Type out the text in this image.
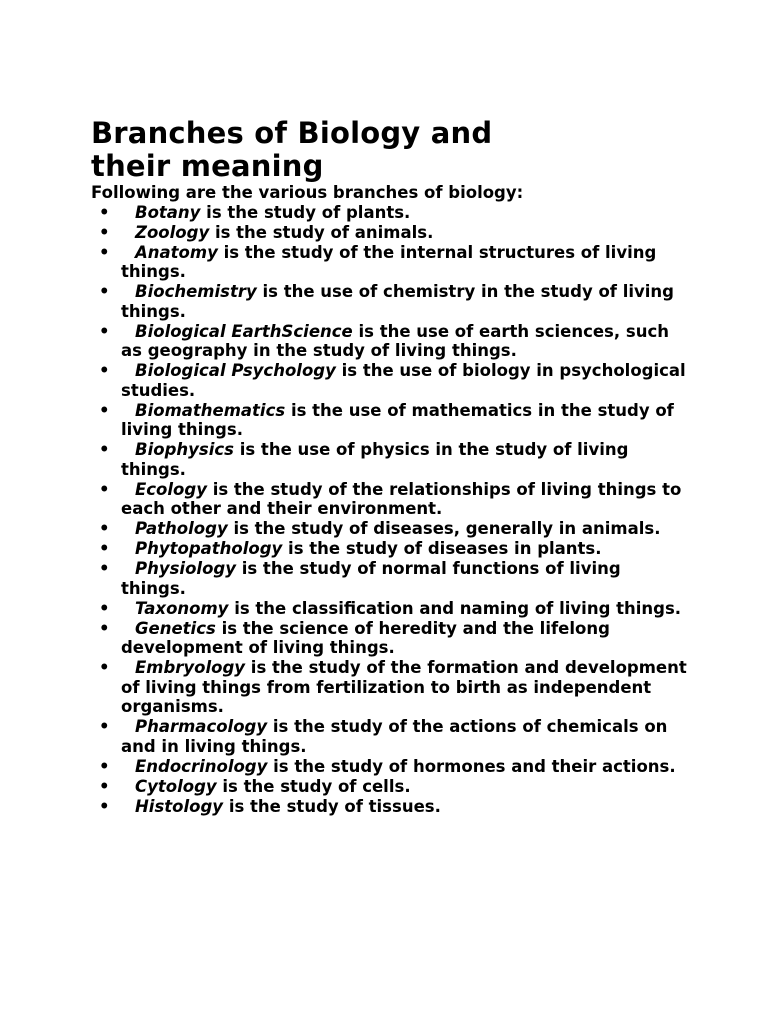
Branches of Biology and
their meaning

Following are the various branches of biology:

• Botany is the study of plants.
• Zoology is the study of animals.
• Anatomy is the study of the internal structures of living things.
• Biochemistry is the use of chemistry in the study of living things.
• Biological EarthScience is the use of earth sciences, such as geography in the study of living things.
• Biological Psychology is the use of biology in psychological studies.
• Biomathematics is the use of mathematics in the study of living things.
• Biophysics is the use of physics in the study of living things.
• Ecology is the study of the relationships of living things to each other and their environment.
• Pathology is the study of diseases, generally in animals.
• Phytopathology is the study of diseases in plants.
• Physiology is the study of normal functions of living things.
• Taxonomy is the classification and naming of living things.
• Genetics is the science of heredity and the lifelong development of living things.
• Embryology is the study of the formation and development of living things from fertilization to birth as independent organisms.
• Pharmacology is the study of the actions of chemicals on and in living things.
• Endocrinology is the study of hormones and their actions.
• Cytology is the study of cells.
• Histology is the study of tissues.
